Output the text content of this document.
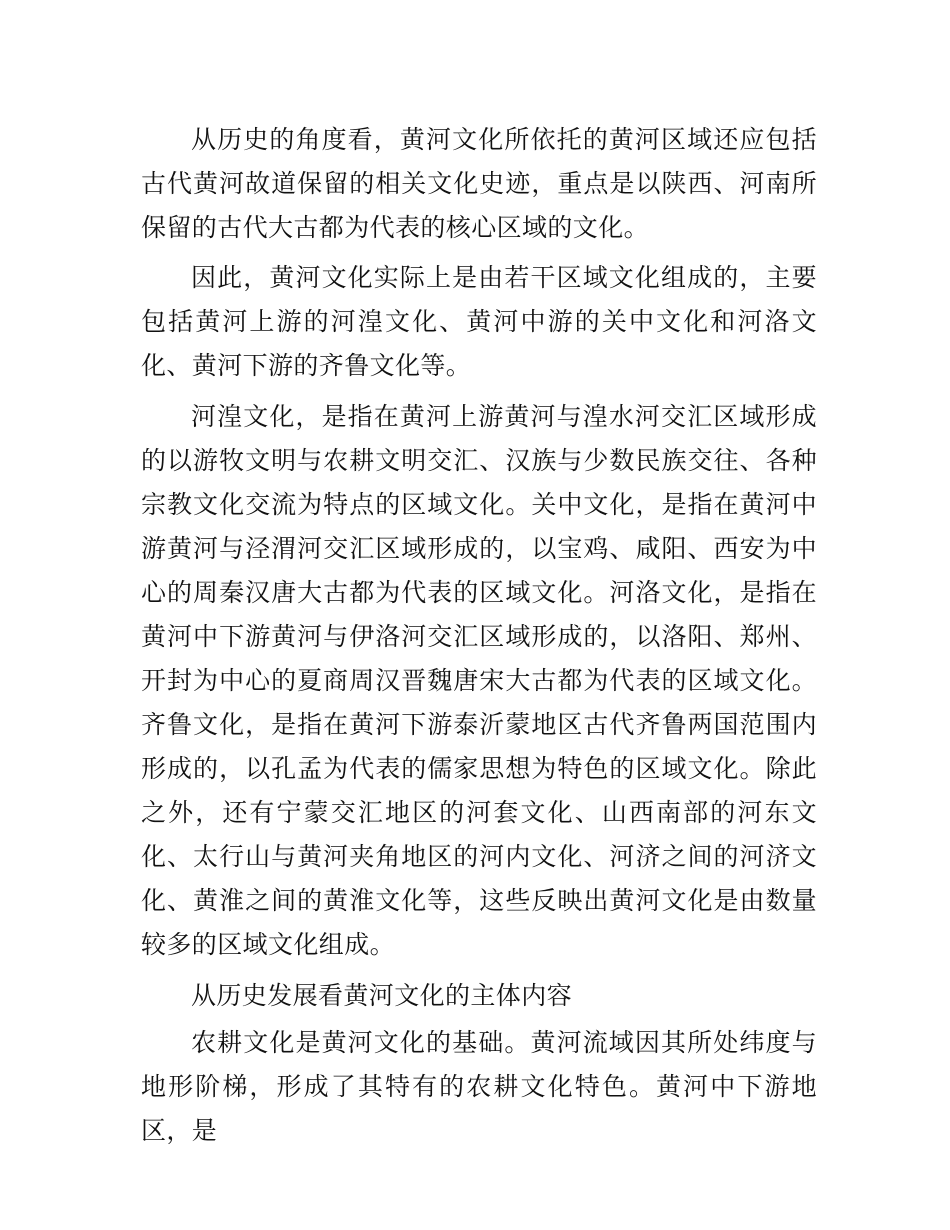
从历史的角度看，黄河文化所依托的黄河区域还应包括古代黄河故道保留的相关文化史迹，重点是以陕西、河南所保留的古代大古都为代表的核心区域的文化。

因此，黄河文化实际上是由若干区域文化组成的，主要包括黄河上游的河湟文化、黄河中游的关中文化和河洛文化、黄河下游的齐鲁文化等。

河湟文化，是指在黄河上游黄河与湟水河交汇区域形成的以游牧文明与农耕文明交汇、汉族与少数民族交往、各种宗教文化交流为特点的区域文化。关中文化，是指在黄河中游黄河与泾渭河交汇区域形成的，以宝鸡、咸阳、西安为中心的周秦汉唐大古都为代表的区域文化。河洛文化，是指在黄河中下游黄河与伊洛河交汇区域形成的，以洛阳、郑州、开封为中心的夏商周汉晋魏唐宋大古都为代表的区域文化。齐鲁文化，是指在黄河下游泰沂蒙地区古代齐鲁两国范围内形成的，以孔孟为代表的儒家思想为特色的区域文化。除此之外，还有宁蒙交汇地区的河套文化、山西南部的河东文化、太行山与黄河夹角地区的河内文化、河济之间的河济文化、黄淮之间的黄淮文化等，这些反映出黄河文化是由数量较多的区域文化组成。

从历史发展看黄河文化的主体内容

农耕文化是黄河文化的基础。黄河流域因其所处纬度与地形阶梯，形成了其特有的农耕文化特色。黄河中下游地区，是
